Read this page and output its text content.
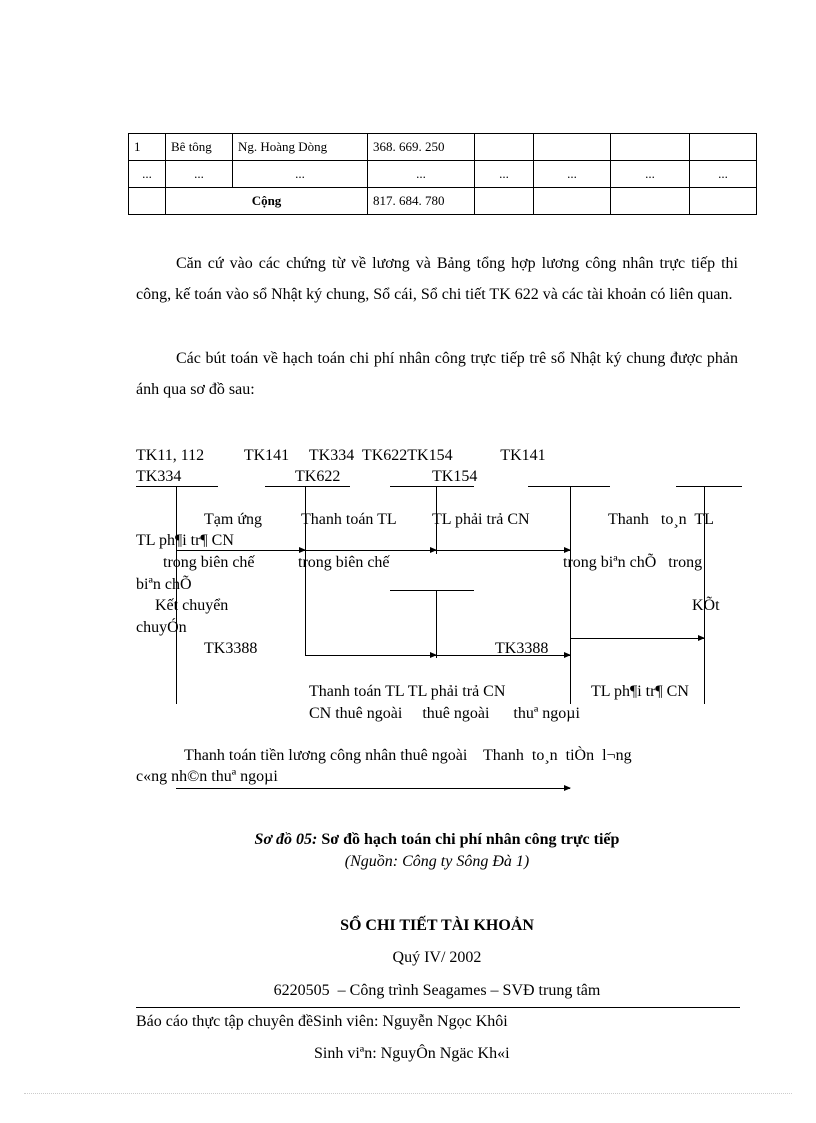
1	Bê tông	Ng. Hoàng Dòng	368. 669. 250				
...	...	...	...	...	...	...	...
	Cộng		817. 684. 780				
Căn cứ vào các chứng từ về lương và Bảng tổng hợp lương công nhân trực tiếp thi công, kế toán vào sổ Nhật ký chung, Sổ cái, Sổ chi tiết TK 622 và các tài khoản có liên quan.
Các bút toán về hạch toán chi phí nhân công trực tiếp trê sổ Nhật ký chung được phản ánh qua sơ đồ sau:
TK11, 112          TK141     TK334  TK622TK154            TK141
TK334	TK622	TK154
Tạm ứng Thanh toán TL TL phải trả CN	Thanh   to¸n  TL
TL ph¶i tr¶ CN
trong biên chế	trong biên chế	trong biªn chÕ   trong
biªn chÕ
Kết chuyển	KÕt
chuyÓn
TK3388	TK3388
Thanh toán TL TL phải trả CN	TL ph¶i tr¶ CN
CN thuê ngoài     thuê ngoài      thuª ngoµi
Thanh toán tiền lương công nhân thuê ngoài    Thanh  to¸n  tiÒn  l¬ng
c«ng nh©n thuª ngoµi
Sơ đồ 05: Sơ đồ hạch toán chi phí nhân công trực tiếp
(Nguồn: Công ty Sông Đà 1)
SỔ CHI TIẾT TÀI KHOẢN
Quý IV/ 2002
6220505  – Công trình Seagames – SVĐ trung tâm
Báo cáo thực tập chuyên đềSinh viên: Nguyễn Ngọc Khôi
Sinh viªn: NguyÔn Ngäc Kh«i
